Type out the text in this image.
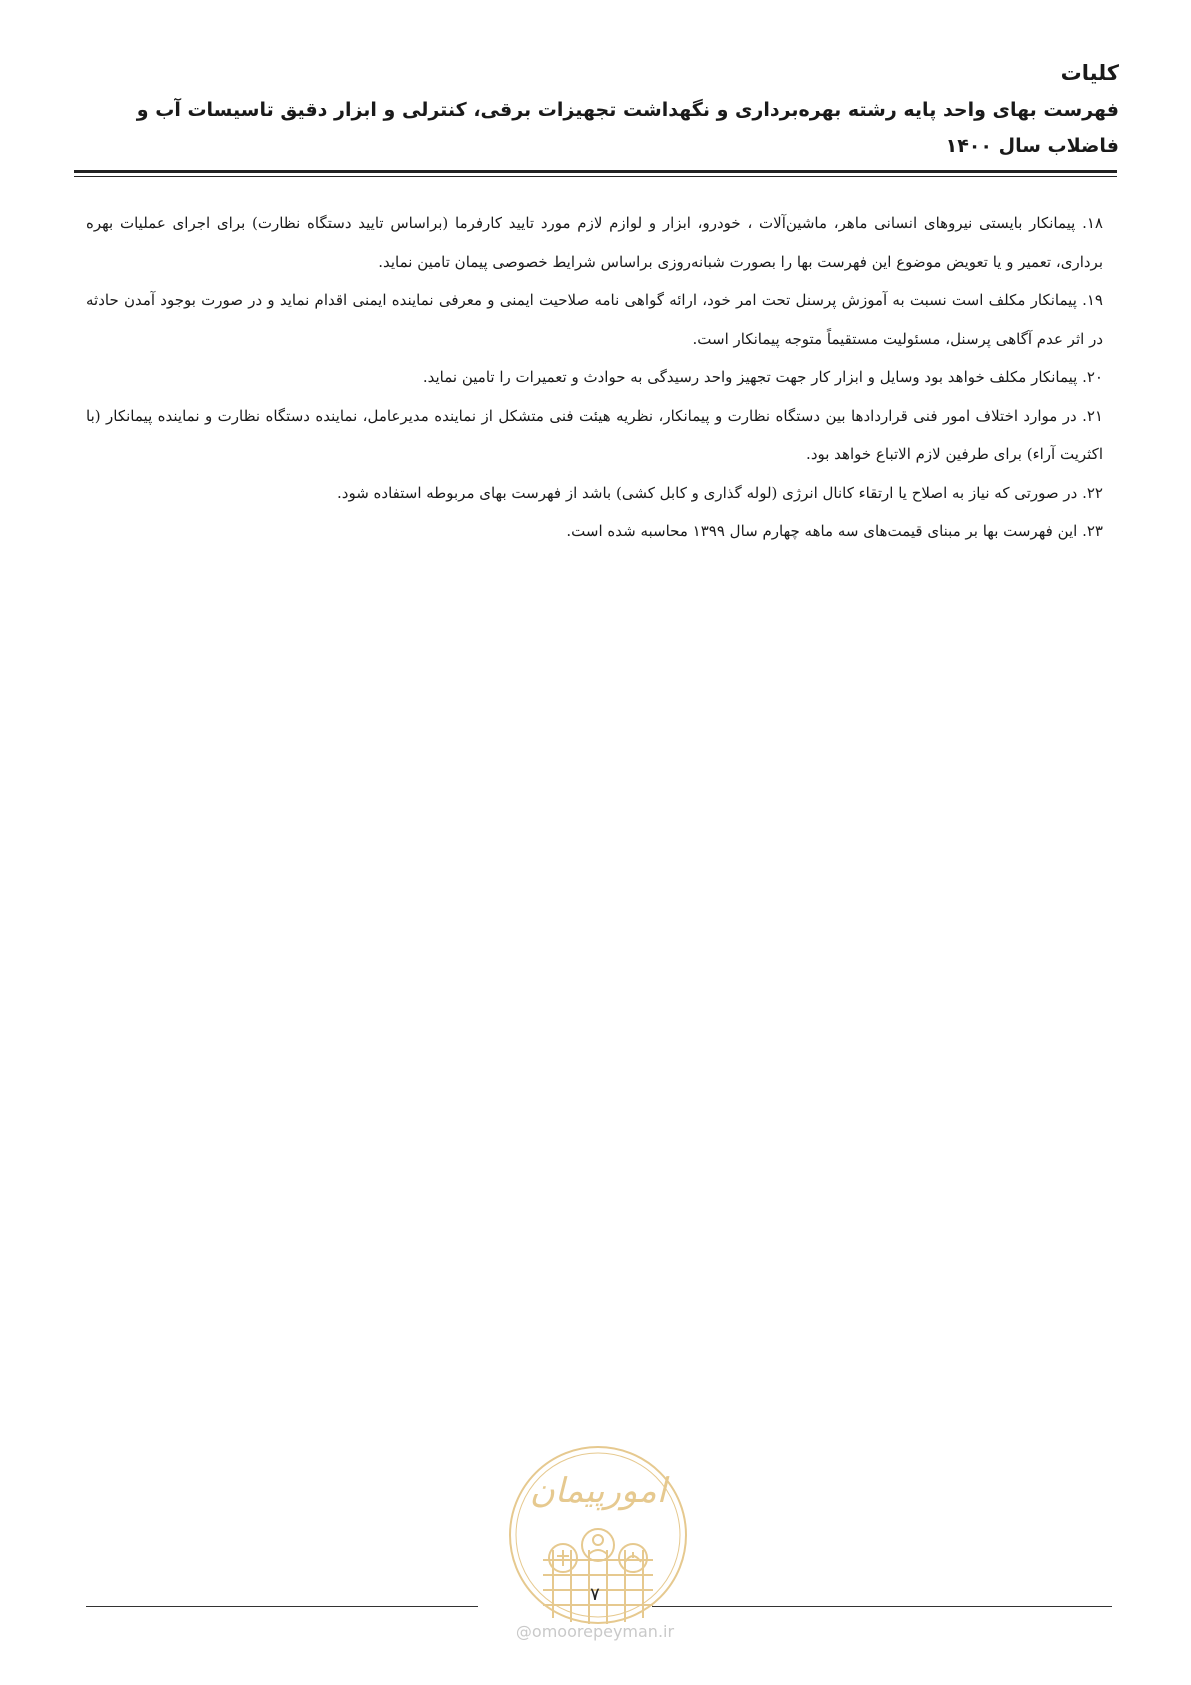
کلیات
فهرست بهای واحد پایه رشته بهره‌برداری و نگهداشت تجهیزات برقی، کنترلی و ابزار دقیق تاسیسات آب و فاضلاب سال ۱۴۰۰

۱۸. پیمانکار بایستی نیروهای انسانی ماهر، ماشین‌آلات ، خودرو، ابزار و لوازم لازم مورد تایید کارفرما (براساس تایید دستگاه نظارت) برای اجرای عملیات بهره برداری، تعمیر و یا تعویض موضوع این فهرست بها را بصورت شبانه‌روزی براساس شرایط خصوصی پیمان تامین نماید.

۱۹. پیمانکار مکلف است نسبت به آموزش پرسنل تحت امر خود، ارائه گواهی نامه صلاحیت ایمنی و معرفی نماینده ایمنی اقدام نماید و در صورت بوجود آمدن حادثه در اثر عدم آگاهی پرسنل، مسئولیت مستقیماً متوجه پیمانکار است.

۲۰. پیمانکار مکلف خواهد بود وسایل و ابزار کار جهت تجهیز واحد رسیدگی به حوادث و تعمیرات را تامین نماید.

۲۱. در موارد اختلاف امور فنی قراردادها بین دستگاه نظارت و پیمانکار، نظریه هیئت فنی متشکل از نماینده مدیرعامل، نماینده دستگاه نظارت و نماینده پیمانکار (با اکثریت آراء) برای طرفین لازم الاتباع خواهد بود.

۲۲. در صورتی که نیاز به اصلاح یا ارتقاء کانال انرژی (لوله گذاری و کابل کشی) باشد از فهرست بهای مربوطه استفاده شود.

۲۳. این فهرست بها بر مبنای قیمت‌های سه ماهه چهارم سال ۱۳۹۹ محاسبه شده است.

امورپیمان
۷
@omoorepeyman.ir
